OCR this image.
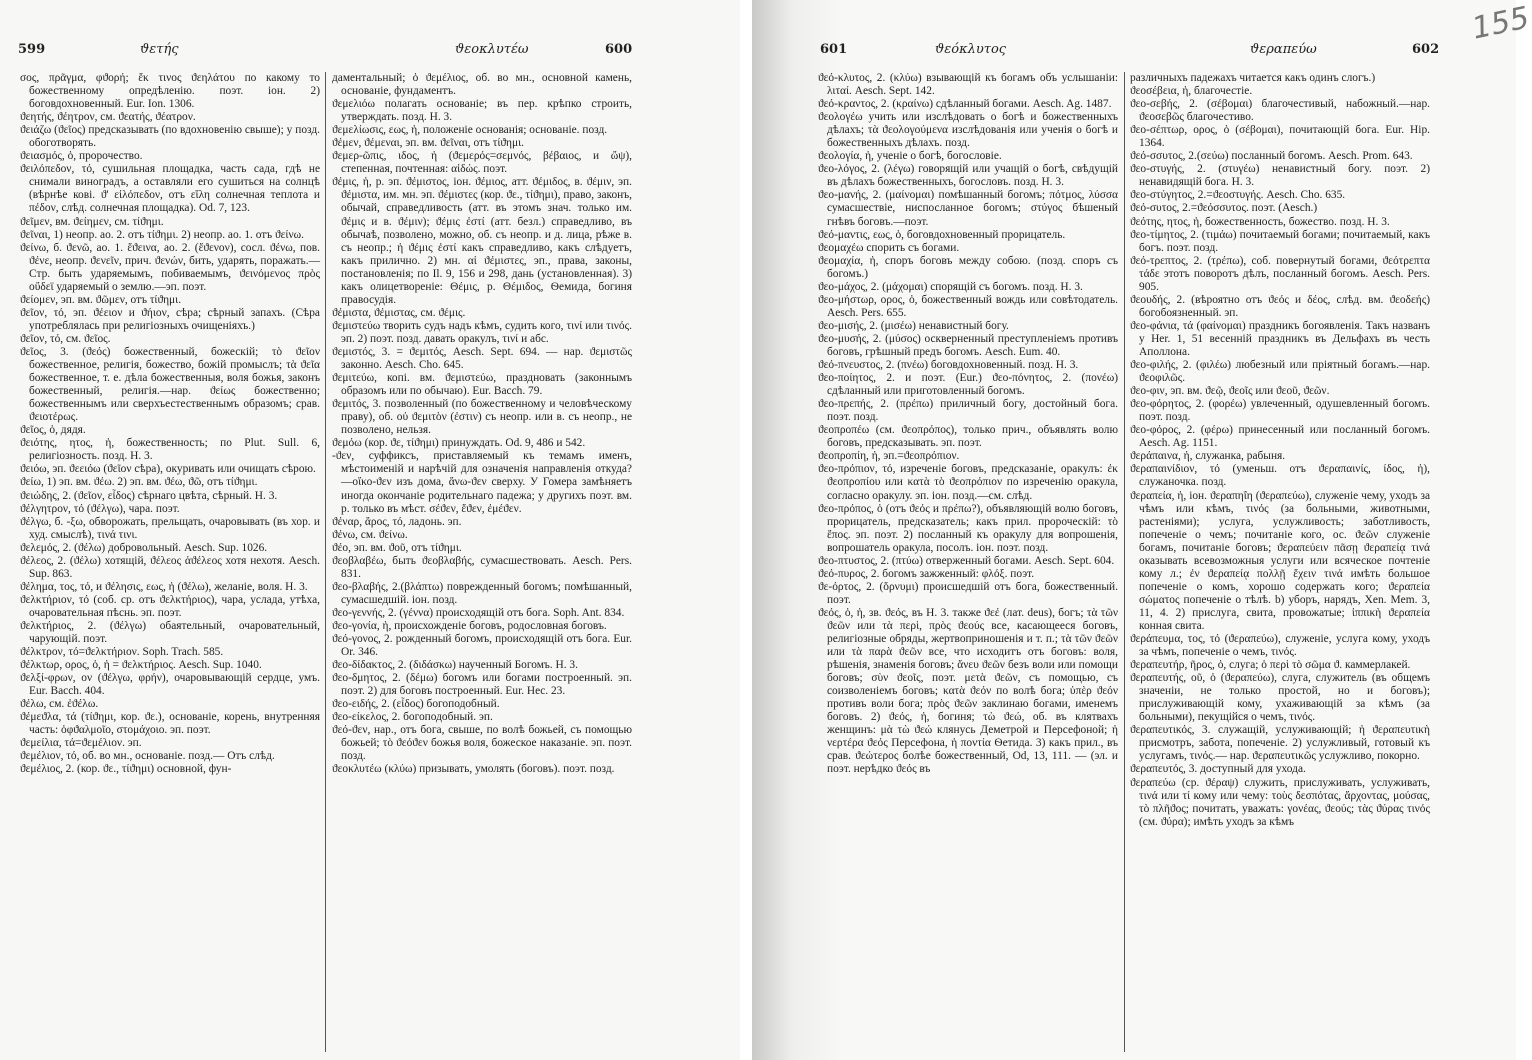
599	ϑετής	ϑεοκλυτέω	600	601	ϑεόκλυτος	ϑεραπεύω	602
155

σος, πρᾶγμα, φϑορή; ἔκ τινος ϑεηλάτου по какому то божественному опредѣленію. поэт. іон. 2) боговдохновенный. Eur. Ion. 1306.

ϑεητής, ϑέητρον, см. ϑεατής, ϑέατρον.

ϑειάζω (ϑεῖος) предсказывать (по вдохновенію свыше); у позд. обоготворять.

ϑειασμός, ὁ, пророчество.

ϑειλόπεδον, τό, сушильная площадка, часть сада, гдѣ не снимали виноградъ, а оставляли его сушиться на солнцѣ (вѣрнѣе ковi. ϑ' εἰλόπεδον, отъ εἵλη солнечная теплота и πέδον, слѣд. солнечная площадка). Od. 7, 123.

ϑεῖμεν, вм. ϑείημεν, см. τίϑημι.

ϑεῖναι, 1) неопр. ао. 2. отъ τίϑημι. 2) неопр. ао. 1. отъ ϑείνω.

ϑείνω, б. ϑενῶ, ао. 1. ἔϑεινα, ао. 2. (ἔϑενον), сосл. ϑένω, пов. ϑένε, неопр. ϑενεῖν, прич. ϑενών, бить, ударять, поражать.—Стр. быть ударяемымъ, побиваемымъ, ϑεινόμενος πρὸς οὔδεϊ ударяемый о землю.—эп. поэт.

ϑείομεν, эп. вм. ϑῶμεν, отъ τίϑημι.

ϑεῖον, τό, эп. ϑέειον и ϑήιον, сѣра; сѣрный запахъ. (Сѣра употреблялась при религіозныхъ очищеніяхъ.)

ϑεῖον, τό, см. ϑεῖος.

ϑεῖος, 3. (ϑεός) божественный, божескій; τὸ ϑεῖον божественное, религія, божество, божій промыслъ; τὰ ϑεῖα божественное, т. е. дѣла божественныя, воля божья, законъ божественный, религія.—нар. ϑείως божественно; божественнымъ или сверхъестественнымъ образомъ; срав. ϑειοτέρως.

ϑεῖος, ὁ, дядя.

ϑειότης, ητος, ἡ, божественность; по Plut. Sull. 6, религіозность. позд. Н. 3.

ϑειόω, эп. ϑεειόω (ϑεῖον сѣра), окуривать или очищать сѣрою.

ϑείω, 1) эп. вм. ϑέω. 2) эп. вм. ϑέω, ϑῶ, отъ τίϑημι.

ϑειώδης, 2. (ϑεῖον, εἶδος) сѣрнаго цвѣта, сѣрный. Н. 3.

ϑέλγητρον, τό (ϑέλγω), чара. поэт.

ϑέλγω, б. -ξω, обворожать, прельщать, очаровывать (въ хор. и худ. смыслѣ), τινά τινι.

ϑελεμός, 2. (ϑέλω) добровольный. Aesch. Sup. 1026.

ϑέλεος, 2. (ϑέλω) хотящій, ϑέλεος ἀϑέλεος хотя нехотя. Aesch. Sup. 863.

ϑέλημα, τος, τό, и ϑέλησις, εως, ἡ (ϑέλω), желаніе, воля. Н. 3.

ϑελκτήριον, τό (соб. ср. отъ ϑελκτήριος), чара, услада, утѣха, очаровательная пѣснь. эп. поэт.

ϑελκτήριος, 2. (ϑέλγω) обаятельный, очаровательный, чарующій. поэт.

ϑέλκτρον, τό=ϑελκτήριον. Soph. Trach. 585.

ϑέλκτωρ, ορος, ὁ, ἡ = ϑελκτήριος. Aesch. Sup. 1040.

ϑελξί-φρων, ον (ϑέλγω, φρήν), очаровывающій сердце, умъ. Eur. Bacch. 404.

ϑέλω, см. ἐϑέλω.

ϑέμεϑλα, τά (τίϑημι, кор. ϑε.), основаніе, корень, внутренняя часть: ὀφϑαλμοῖο, στομάχοιο. эп. поэт.

ϑεμείλια, τά=ϑεμέλιον. эп.

ϑεμέλιον, τό, об. во мн., основаніе. позд.— Отъ слѣд.

ϑεμέλιος, 2. (кор. ϑε., τίϑημι) основной, фун-

даментальный; ὁ ϑεμέλιος, об. во мн., основной камень, основаніе, фундаментъ.

ϑεμελιόω полагать основаніе; въ пер. крѣпко строить, утверждать. позд. Н. 3.

ϑεμελίωσις, εως, ἡ, положеніе основанія; основаніе. позд.

ϑέμεν, ϑέμεναι, эп. вм. ϑεῖναι, отъ τίϑημι.

ϑεμερ-ῶπις, ιδος, ἡ (ϑεμερός=σεμνός, βέβαιος, и ὤψ), степенная, почтенная: αἰδώς. поэт.

ϑέμις, ἡ, р. эп. ϑέμιστος, іон. ϑέμιος, атт. ϑέμιδος, в. ϑέμιν, эп. ϑέμιστα, им. мн. эп. ϑέμιστες (кор. ϑε., τίϑημι), право, законъ, обычай, справедливость (атт. въ этомъ знач. только им. ϑέμις и в. ϑέμιν); ϑέμις ἐστί (атт. безл.) справедливо, въ обычаѣ, позволено, можно, об. съ неопр. и д. лица, рѣже в. съ неопр.; ἡ ϑέμις ἐστί какъ справедливо, какъ слѣдуетъ, какъ прилично. 2) мн. αἱ ϑέμιστες, эп., права, законы, постановленія; по Il. 9, 156 и 298, дань (установленная). 3) какъ олицетвореніе: Θέμις, р. Θέμιδος, Ѳемида, богиня правосудія.

ϑέμιστα, ϑέμιστας, см. ϑέμις.

ϑεμιστεύω творить судъ надъ кѣмъ, судить кого, τινί или τινός. эп. 2) поэт. позд. давать оракулъ, τινί и абс.

ϑεμιστός, 3. = ϑεμιτός, Aesch. Sept. 694. — нар. ϑεμιστῶς законно. Aesch. Cho. 645.

ϑεμιτεύω, копі. вм. ϑεμιστεύω, праздновать (законнымъ образомъ или по обычаю). Eur. Bacch. 79.

ϑεμιτός, 3. позволенный (по божественному и человѣческому праву), об. οὐ ϑεμιτὸν (ἐστιν) съ неопр. или в. съ неопр., не позволено, нельзя.

ϑεμόω (кор. ϑε, τίϑημι) принуждать. Od. 9, 486 и 542.

-ϑεν, суффиксъ, приставляемый къ темамъ именъ, мѣстоименій и нарѣчій для означенія направленія откуда?—οἴκο-ϑεν изъ дома, ἄνω-ϑεν сверху. У Гомера замѣняетъ иногда окончаніе родительнаго падежа; у другихъ поэт. вм. р. только въ мѣст. σέϑεν, ἔϑεν, ἐμέϑεν.

ϑέναρ, ἄρος, τό, ладонь. эп.

ϑένω, см. ϑείνω.

ϑέο, эп. вм. ϑοῦ, отъ τίϑημι.

ϑεοβλαβέω, быть ϑεοβλαβής, сумасшествовать. Aesch. Pers. 831.

ϑεο-βλαβής, 2.(βλάπτω) поврежденный богомъ; помѣшанный, сумасшедшій. іон. позд.

ϑεο-γεννής, 2. (γέννα) происходящій отъ бога. Soph. Ant. 834.

ϑεο-γονία, ἡ, происхожденіе боговъ, родословная боговъ.

ϑεό-γονος, 2. рожденный богомъ, происходящій отъ бога. Eur. Or. 346.

ϑεο-δίδακτος, 2. (διδάσκω) наученный Богомъ. Н. 3.

ϑεο-δμητος, 2. (δέμω) богомъ или богами построенный. эп. поэт. 2) для боговъ построенный. Eur. Hec. 23.

ϑεο-ειδής, 2. (εἶδος) богоподобный.

ϑεο-είκελος, 2. богоподобный. эп.

ϑεό-ϑεν, нар., отъ бога, свыше, по волѣ божьей, съ помощью божьей; τὸ ϑεόϑεν божья воля, божеское наказаніе. эп. поэт. позд.

ϑεοκλυτέω (κλύω) призывать, умолять (боговъ). поэт. позд.

ϑεό-κλυτος, 2. (κλύω) взывающій къ богамъ объ услышаніи: λιταί. Aesch. Sept. 142.

ϑεό-κραντος, 2. (κραίνω) сдѣланный богами. Aesch. Ag. 1487.

ϑεολογέω учить или изслѣдовать о богѣ и божественныхъ дѣлахъ; τὰ ϑεολογούμενα изслѣдованія или ученія о богѣ и божественныхъ дѣлахъ. позд.

ϑεολογία, ἡ, ученіе о богѣ, богословіе.

ϑεο-λόγος, 2. (λέγω) говорящій или учащій о богѣ, свѣдущій въ дѣлахъ божественныхъ, богословъ. позд. Н. 3.

ϑεο-μανής, 2. (μαίνομαι) помѣшанный богомъ; πότμος, λύσσα сумасшествіе, ниспосланное богомъ; στύγος бѣшеный гнѣвъ боговъ.—поэт.

ϑεό-μαντις, εως, ὁ, боговдохновенный прорицатель.

ϑεομαχέω спорить съ богами.

ϑεομαχία, ἡ, споръ боговъ между собою. (позд. споръ съ богомъ.)

ϑεο-μάχος, 2. (μάχομαι) спорящій съ богомъ. позд. Н. 3.

ϑεο-μήστωρ, ορος, ὁ, божественный вождь или совѣтодатель. Aesch. Pers. 655.

ϑεο-μισής, 2. (μισέω) ненавистный богу.

ϑεο-μυσής, 2. (μύσος) оскверненный преступленіемъ противъ боговъ, грѣшный предъ богомъ. Aesch. Eum. 40.

ϑεό-πνευστος, 2. (πνέω) боговдохновенный. позд. Н. 3.

ϑεο-ποίητος, 2. и поэт. (Eur.) ϑεο-πόνητος, 2. (πονέω) сдѣланный или приготовленный богомъ.

ϑεο-πρεπής, 2. (πρέπω) приличный богу, достойный бога. поэт. позд.

ϑεοπροπέω (см. ϑεοπρόπος), только прич., объявлять волю боговъ, предсказывать. эп. поэт.

ϑεοπροπίη, ἡ, эп.=ϑεοπρόπιον.

ϑεο-πρόπιον, τό, изреченіе боговъ, предсказаніе, оракулъ: ἐκ ϑεοπροπίου или κατὰ τὸ ϑεοπρόπιον по изреченію оракула, согласно оракулу. эп. іон. позд.—см. слѣд.

ϑεο-πρόπος, ὁ (отъ ϑεός и πρέπω?), объявляющій волю боговъ, прорицатель, предсказатель; какъ прил. пророческій: τὸ ἔπος. эп. поэт. 2) посланный къ оракулу для вопрошенія, вопрошатель оракула, посолъ. іон. поэт. позд.

ϑεο-πτυστος, 2. (πτύω) отверженный богами. Aesch. Sept. 604.

ϑεό-πυρος, 2. богомъ зажженный: φλόξ. поэт.

ϑε-όρτος, 2. (ὄρνυμι) происшедшій отъ бога, божественный. поэт.

ϑεός, ὁ, ἡ, зв. ϑεός, въ Н. 3. также ϑεέ (лат. deus), богъ; τὰ τῶν ϑεῶν или τὰ περὶ, πρὸς ϑεούς все, касающееся боговъ, религіозные обряды, жертвоприношенія и т. п.; τὰ τῶν ϑεῶν или τὰ παρὰ ϑεῶν все, что исходитъ отъ боговъ: воля, рѣшенія, знаменія боговъ; ἄνευ ϑεῶν безъ воли или помощи боговъ; σὺν ϑεοῖς, поэт. μετὰ ϑεῶν, съ помощью, съ соизволеніемъ боговъ; κατὰ ϑεόν по волѣ бога; ὑπὲρ ϑεόν противъ воли бога; πρὸς ϑεῶν заклинаю богами, именемъ боговъ. 2) ϑεός, ἡ, богиня; τὼ ϑεώ, об. въ клятвахъ женщинъ: μὰ τὼ ϑεώ клянусь Деметрой и Персефоной; ἡ νερτέρα ϑεός Персефона, ἡ ποντία Ѳетида. 3) какъ прил., въ срав. ϑεώτερος болѣе божественный, Od, 13, 111. — (эл. и поэт. нерѣдко ϑεός въ

различныхъ падежахъ читается какъ одинъ слогъ.)

ϑεοσέβεια, ἡ, благочестіе.

ϑεο-σεβής, 2. (σέβομαι) благочестивый, набожный.—нар. ϑεοσεβῶς благочестиво.

ϑεο-σέπτωρ, ορος, ὁ (σέβομαι), почитающій бога. Eur. Hip. 1364.

ϑεό-σσυτος, 2.(σεύω) посланный богомъ. Aesch. Prom. 643.

ϑεο-στυγής, 2. (στυγέω) ненавистный богу. поэт. 2) ненавидящій бога. Н. 3.

ϑεο-στύγητος, 2.=ϑεοστυγής. Aesch. Cho. 635.

ϑεό-συτος, 2.=ϑεόσσυτος. поэт. (Aesch.)

ϑεότης, ητος, ἡ, божественность, божество. позд. Н. 3.

ϑεο-τίμητος, 2. (τιμάω) почитаемый богами; почитаемый, какъ богъ. поэт. позд.

ϑεό-τρεπτος, 2. (τρέπω), соб. повернутый богами, ϑεότρεπτα τάδε этотъ поворотъ дѣлъ, посланный богомъ. Aesch. Pers. 905.

ϑεουδής, 2. (вѣроятно отъ ϑεός и δέος, слѣд. вм. ϑεοδεής) богобоязненный. эп.

ϑεο-φάνια, τά (φαίνομαι) праздникъ богоявленія. Такъ названъ у Her. 1, 51 весенній праздникъ въ Дельфахъ въ честь Аполлона.

ϑεο-φιλής, 2. (φιλέω) любезный или пріятный богамъ.—нар. ϑεοφιλῶς.

ϑεο-φιν, эп. вм. ϑεῷ, ϑεοῖς или ϑεοῦ, ϑεῶν.

ϑεο-φόρητος, 2. (φορέω) увлеченный, одушевленный богомъ. поэт. позд.

ϑεο-φόρος, 2. (φέρω) принесенный или посланный богомъ. Aesch. Ag. 1151.

ϑεράπαινα, ἡ, служанка, рабыня.

ϑεραπαινίδιον, τό (уменьш. отъ ϑεραπαινίς, ίδος, ἡ), служаночка. позд.

ϑεραπεία, ἡ, іон. ϑεραπηΐη (ϑεραπεύω), служеніе чему, уходъ за чѣмъ или кѣмъ, τινός (за больными, животными, растеніями); услуга, услужливость; заботливость, попеченіе о чемъ; почитаніе кого, ос. ϑεῶν служеніе богамъ, почитаніе боговъ; ϑεραπεύειν πᾶσῃ ϑεραπείᾳ τινά оказывать всевозможныя услуги или всяческое почтеніе кому л.; ἐν ϑεραπείᾳ πολλῇ ἔχειν τινά имѣть большое попеченіе о комъ, хорошо содержать кого; ϑεραπεία σώματος попеченіе о тѣлѣ. b) уборъ, нарядъ, Xen. Mem. 3, 11, 4. 2) прислуга, свита, провожатые; ἱππικὴ ϑεραπεία конная свита.

ϑεράπευμα, τος, τό (ϑεραπεύω), служеніе, услуга кому, уходъ за чѣмъ, попеченіе о чемъ, τινός.

ϑεραπευτήρ, ῆρος, ὁ, слуга; ὁ περὶ τὸ σῶμα ϑ. каммерлакей.

ϑεραπευτής, οῦ, ὁ (ϑεραπεύω), слуга, служитель (въ общемъ значеніи, не только простой, но и боговъ); прислуживающій кому, ухаживающій за кѣмъ (за больными), пекущійся о чемъ, τινός.

ϑεραπευτικός, 3. служащій, услуживающій; ἡ ϑεραπευτικὴ присмотръ, забота, попеченіе. 2) услужливый, готовый къ услугамъ, τινός.— нар. ϑεραπευτικῶς услужливо, покорно.

ϑεραπευτός, 3. доступный для ухода.

ϑεραπεύω (ср. ϑέραψ) служить, прислуживать, услуживать, τινά или τί кому или чему: τοὺς δεσπότας, ἄρχοντας, μούσας, τὸ πλῆϑος; почитать, уважать: γονέας, ϑεούς; τὰς ϑύρας τινός (см. ϑύρα); имѣть уходъ за кѣмъ
